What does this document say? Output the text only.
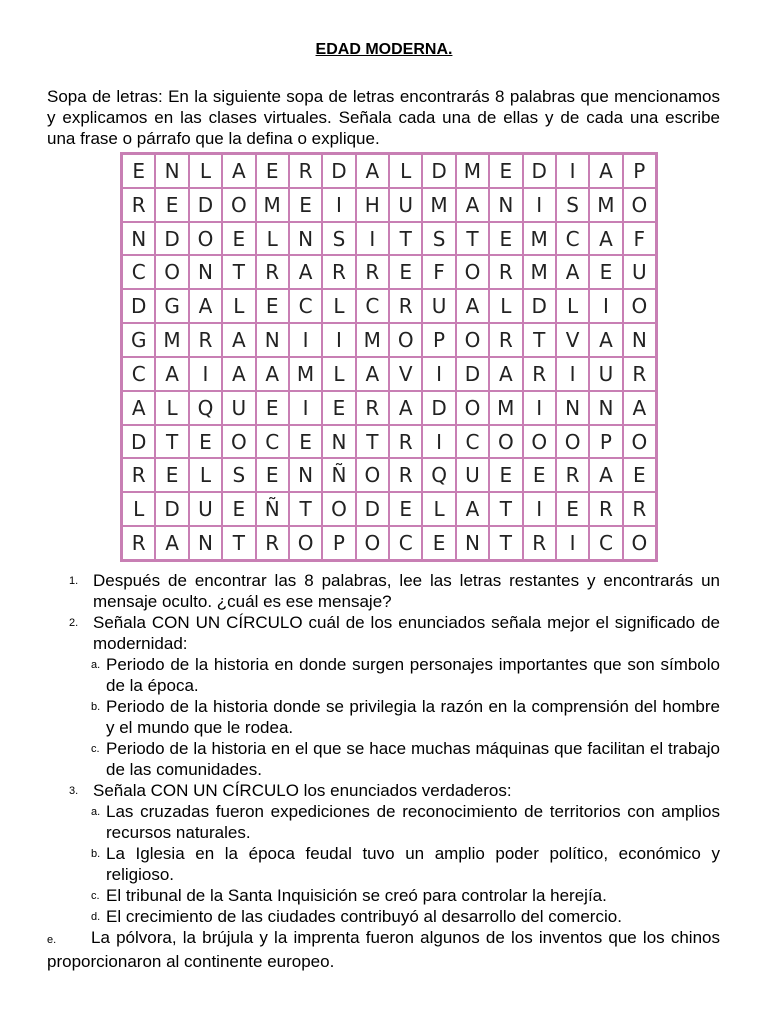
EDAD MODERNA.
Sopa de letras: En la siguiente sopa de letras encontrarás 8 palabras que mencionamos y explicamos en las clases virtuales. Señala cada una de ellas y de cada una escribe una frase o párrafo que la defina o explique.
E N	L	A	E	R D A	L	D M E D	I	A	P
R	E D O M E	I	H U M A N	I	S M O
N D O E	L	N S	I	T	S	T	E M C A	F
C O N T	R A R R	E	F O R M A	E U
D G A	L	E	C	L	C R U A	L	D	L	I	O
G M R A N	I	I	M O P O R	T	V A N
C A	I	A A M L	A V	I	D A R	I	U R
A	L Q U E	I	E	R A D O M	I	N N A
D T	E O C	E N T	R	I	C O O O P O
R	E	L	S	E N Ñ O R Q U E	E	R A	E
L	D U E Ñ T O D E	L	A	T	I	E	R R
R A N T	R O P O C	E N T	R	I	C O
1. Después de encontrar las 8 palabras, lee las letras restantes y encontrarás un mensaje oculto. ¿cuál es ese mensaje?
2. Señala CON UN CÍRCULO cuál de los enunciados señala mejor el significado de modernidad:
a. Periodo de la historia en donde surgen personajes importantes que son símbolo de la época.
b. Periodo de la historia donde se privilegia la razón en la comprensión del hombre y el mundo que le rodea.
c. Periodo de la historia en el que se hace muchas máquinas que facilitan el trabajo de las comunidades.
3. Señala CON UN CÍRCULO los enunciados verdaderos:
a. Las cruzadas fueron expediciones de reconocimiento de territorios con amplios recursos naturales.
b. La Iglesia en la época feudal tuvo un amplio poder político, económico y religioso.
c. El tribunal de la Santa Inquisición se creó para controlar la herejía.
d. El crecimiento de las ciudades contribuyó al desarrollo del comercio.
e. La pólvora, la brújula y la imprenta fueron algunos de los inventos que los chinos proporcionaron al continente europeo.
